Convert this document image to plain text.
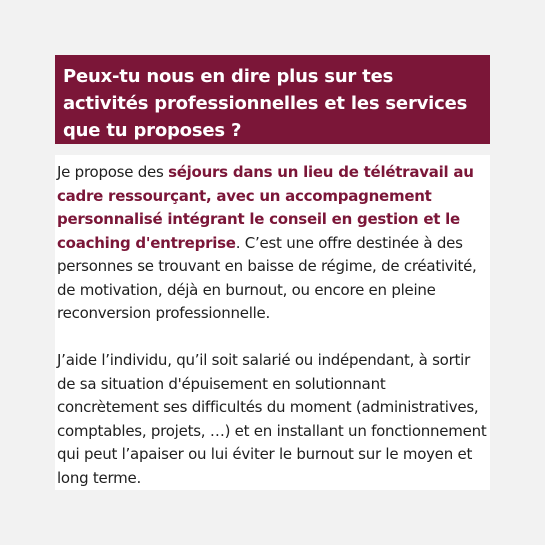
Peux-tu nous en dire plus sur tes activités professionnelles et les services que tu proposes ?

Je propose des séjours dans un lieu de télétravail au cadre ressourçant, avec un accompagnement personnalisé intégrant le conseil en gestion et le coaching d'entreprise. C’est une offre destinée à des personnes se trouvant en baisse de régime, de créativité, de motivation, déjà en burnout, ou encore en pleine reconversion professionnelle.

J’aide l’individu, qu’il soit salarié ou indépendant, à sortir de sa situation d'épuisement en solutionnant concrètement ses difficultés du moment (administratives, comptables, projets, …) et en installant un fonctionnement qui peut l’apaiser ou lui éviter le burnout sur le moyen et long terme.
